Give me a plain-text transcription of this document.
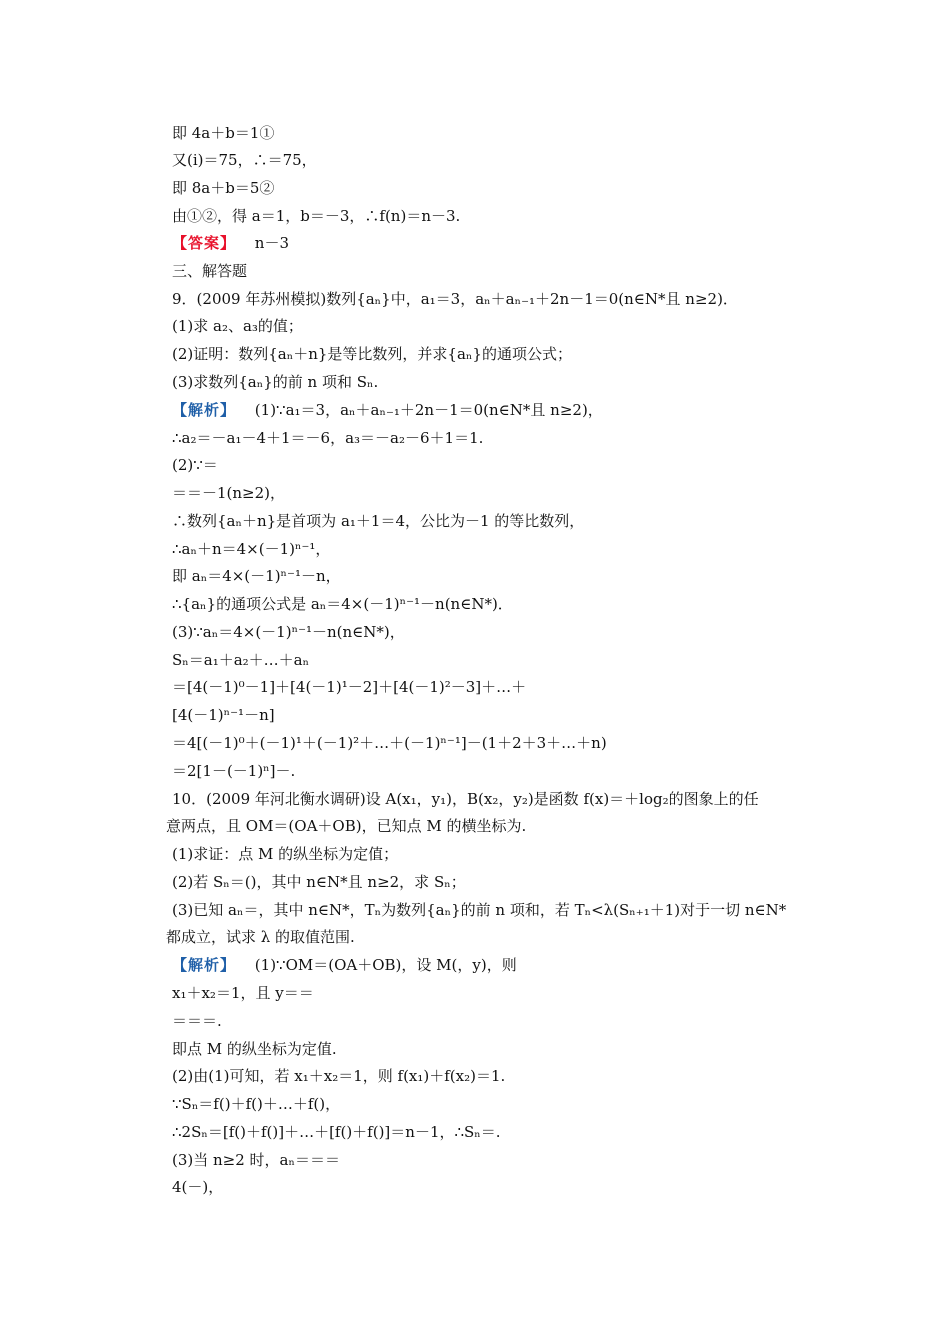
即 4a＋b＝1①
又(i)＝75，∴＝75，
即 8a＋b＝5②
由①②，得 a＝1，b＝－3，∴f(n)＝n－3.
【答案】 n－3
三、解答题
9．(2009 年苏州模拟)数列{aₙ}中，a₁＝3，aₙ＋aₙ₋₁＋2n－1＝0(n∈N*且 n≥2)．
(1)求 a₂、a₃的值；
(2)证明：数列{aₙ＋n}是等比数列，并求{aₙ}的通项公式；
(3)求数列{aₙ}的前 n 项和 Sₙ.
【解析】 (1)∵a₁＝3，aₙ＋aₙ₋₁＋2n－1＝0(n∈N*且 n≥2)，
∴a₂＝－a₁－4＋1＝－6，a₃＝－a₂－6＋1＝1.
(2)∵＝
＝＝－1(n≥2)，
∴数列{aₙ＋n}是首项为 a₁＋1＝4，公比为－1 的等比数列，
∴aₙ＋n＝4×(－1)ⁿ⁻¹，
即 aₙ＝4×(－1)ⁿ⁻¹－n，
∴{aₙ}的通项公式是 aₙ＝4×(－1)ⁿ⁻¹－n(n∈N*)．
(3)∵aₙ＝4×(－1)ⁿ⁻¹－n(n∈N*)，
Sₙ＝a₁＋a₂＋…＋aₙ
＝[4(－1)⁰－1]＋[4(－1)¹－2]＋[4(－1)²－3]＋…＋
[4(－1)ⁿ⁻¹－n]
＝4[(－1)⁰＋(－1)¹＋(－1)²＋…＋(－1)ⁿ⁻¹]－(1＋2＋3＋…＋n)
＝2[1－(－1)ⁿ]－.
10．(2009 年河北衡水调研)设 A(x₁，y₁)，B(x₂，y₂)是函数 f(x)＝＋log₂的图象上的任
意两点，且 OM＝(OA＋OB)，已知点 M 的横坐标为.
(1)求证：点 M 的纵坐标为定值；
(2)若 Sₙ＝()，其中 n∈N*且 n≥2，求 Sₙ；
(3)已知 aₙ＝，其中 n∈N*，Tₙ为数列{aₙ}的前 n 项和，若 Tₙ<λ(Sₙ₊₁＋1)对于一切 n∈N*
都成立，试求 λ 的取值范围.
【解析】 (1)∵OM＝(OA＋OB)，设 M(，y)，则
x₁＋x₂＝1，且 y＝＝
＝＝＝.
即点 M 的纵坐标为定值.
(2)由(1)可知，若 x₁＋x₂＝1，则 f(x₁)＋f(x₂)＝1.
∵Sₙ＝f()＋f()＋…＋f()，
∴2Sₙ＝[f()＋f()]＋…＋[f()＋f()]＝n－1，∴Sₙ＝.
(3)当 n≥2 时，aₙ＝＝＝
4(－)，
